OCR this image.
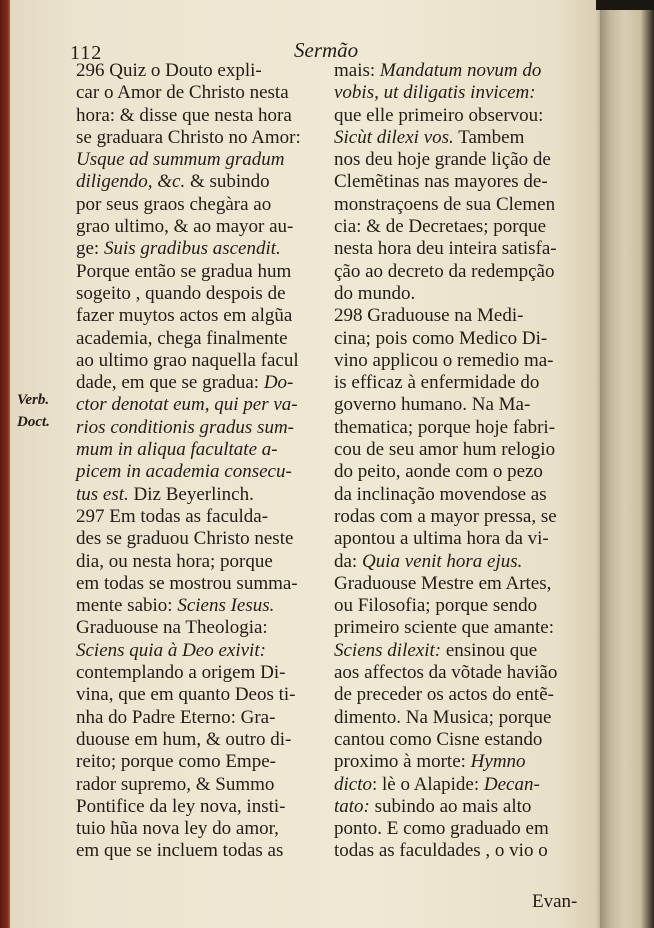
112	Sermão
Verb.
Doct.
296 Quiz o Douto expli-
car o Amor de Christo nesta
hora: & disse que nesta hora
se graduara Christo no Amor:
Usque ad summum gradum
diligendo, &c. & subindo
por seus graos chegàra ao
grao ultimo, & ao mayor au-
ge: Suis gradibus ascendit.
Porque então se gradua hum
sogeito , quando despois de
fazer muytos actos em algũa
academia, chega finalmente
ao ultimo grao naquella facul
dade, em que se gradua: Do-
ctor denotat eum, qui per va-
rios conditionis gradus sum-
mum in aliqua facultate a-
picem in academia consecu-
tus est. Diz Beyerlinch.
297 Em todas as faculda-
des se graduou Christo neste
dia, ou nesta hora; porque
em todas se mostrou summa-
mente sabio: Sciens Iesus.
Graduouse na Theologia:
Sciens quia à Deo exivit:
contemplando a origem Di-
vina, que em quanto Deos ti-
nha do Padre Eterno: Gra-
duouse em hum, & outro di-
reito; porque como Empe-
rador supremo, & Summo
Pontifice da ley nova, insti-
tuio hũa nova ley do amor,
em que se incluem todas as
mais: Mandatum novum do
vobis, ut diligatis invicem:
que elle primeiro observou:
Sicùt dilexi vos. Tambem
nos deu hoje grande lição de
Clemẽtinas nas mayores de-
monstraçoens de sua Clemen
cia: & de Decretaes; porque
nesta hora deu inteira satisfa-
ção ao decreto da redempção
do mundo.
298 Graduouse na Medi-
cina; pois como Medico Di-
vino applicou o remedio ma-
is efficaz à enfermidade do
governo humano. Na Ma-
thematica; porque hoje fabri-
cou de seu amor hum relogio
do peito, aonde com o pezo
da inclinação movendose as
rodas com a mayor pressa, se
apontou a ultima hora da vi-
da: Quia venit hora ejus.
Graduouse Mestre em Artes,
ou Filosofia; porque sendo
primeiro sciente que amante:
Sciens dilexit: ensinou que
aos affectos da võtade havião
de preceder os actos do entẽ-
dimento. Na Musica; porque
cantou como Cisne estando
proximo à morte: Hymno
dicto: lè o Alapide: Decan-
tato: subindo ao mais alto
ponto. E como graduado em
todas as faculdades , o vio o
Evan-
